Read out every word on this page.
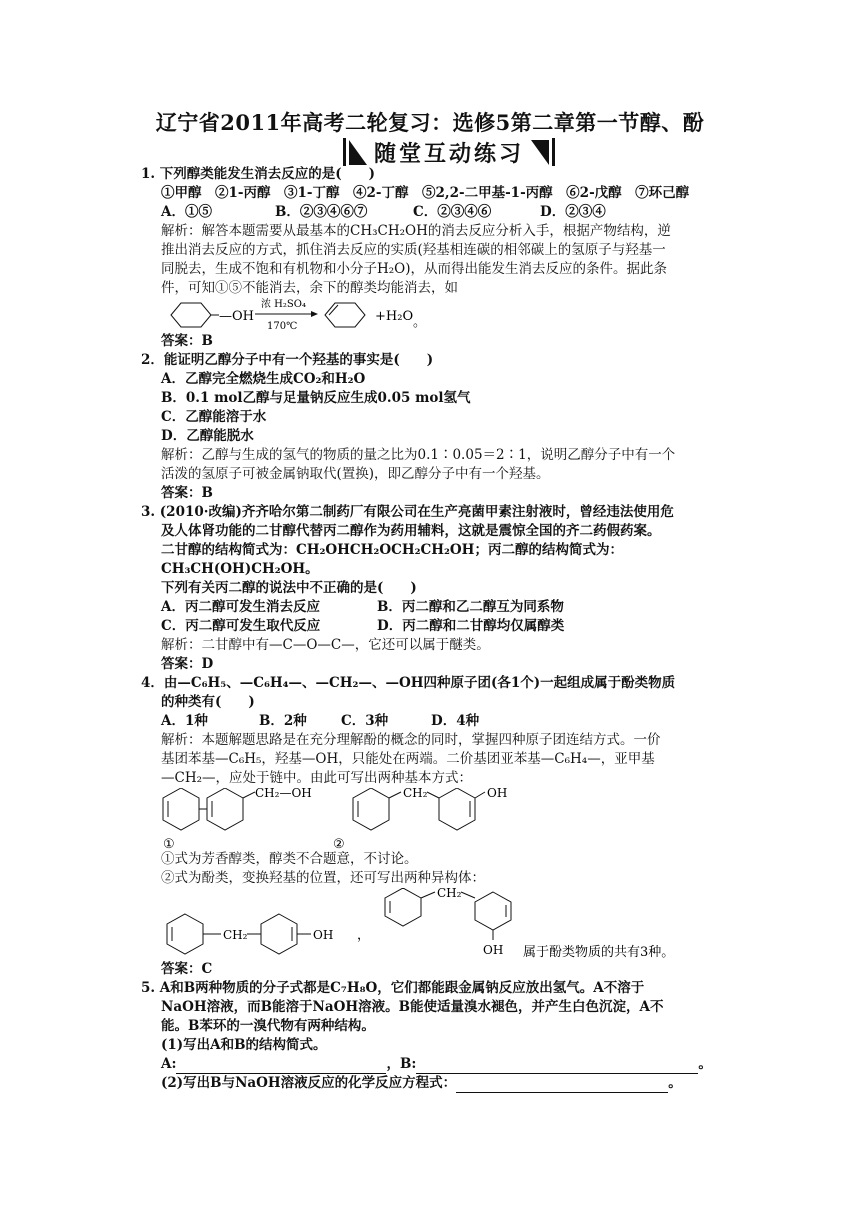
辽宁省2011年高考二轮复习：选修5第二章第一节醇、酚
随堂互动练习

1. 下列醇类能发生消去反应的是(　　)

①甲醇　②1-丙醇　③1-丁醇　④2-丁醇　⑤2,2-二甲基-1-丙醇　⑥2-戊醇　⑦环己醇

A．①⑤	B．②③④⑥⑦	C．②③④⑥	D．②③④

解析：解答本题需要从最基本的CH₃CH₂OH的消去反应分析入手，根据产物结构，逆

推出消去反应的方式，抓住消去反应的实质(羟基相连碳的相邻碳上的氢原子与羟基一

同脱去，生成不饱和有机物和小分子H₂O)，从而得出能发生消去反应的条件。据此条

件，可知①⑤不能消去，余下的醇类均能消去，如

—OH
浓 H₂SO₄
170℃
+H₂O 。

答案：B

2．能证明乙醇分子中有一个羟基的事实是(　　)

A．乙醇完全燃烧生成CO₂和H₂O

B．0.1 mol乙醇与足量钠反应生成0.05 mol氢气

C．乙醇能溶于水

D．乙醇能脱水

解析：乙醇与生成的氢气的物质的量之比为0.1∶0.05＝2∶1，说明乙醇分子中有一个

活泼的氢原子可被金属钠取代(置换)，即乙醇分子中有一个羟基。

答案：B

3. (2010·改编)齐齐哈尔第二制药厂有限公司在生产亮菌甲素注射液时，曾经违法使用危

及人体肾功能的二甘醇代替丙二醇作为药用辅料，这就是震惊全国的齐二药假药案。

二甘醇的结构简式为：CH₂OHCH₂OCH₂CH₂OH；丙二醇的结构简式为：

CH₃CH(OH)CH₂OH。

下列有关丙二醇的说法中不正确的是(　　)

A．丙二醇可发生消去反应	B．丙二醇和乙二醇互为同系物
C．丙二醇可发生取代反应	D．丙二醇和二甘醇均仅属醇类

解析：二甘醇中有—C—O—C—，它还可以属于醚类。

答案：D

4．由—C₆H₅、—C₆H₄—、—CH₂—、—OH四种原子团(各1个)一起组成属于酚类物质

的种类有(　　)

A．1种	B．2种	C．3种	D．4种

解析：本题解题思路是在充分理解酚的概念的同时，掌握四种原子团连结方式。一价

基团苯基—C₆H₅，羟基—OH，只能处在两端。二价基团亚苯基—C₆H₄—，亚甲基

—CH₂—，应处于链中。由此可写出两种基本方式：

CH₂—OH	CH₂	OH
①	②

①式为芳香醇类，醇类不合题意，不讨论。

②式为酚类，变换羟基的位置，还可写出两种异构体：

CH₂	OH ，
CH₂
OH 属于酚类物质的共有3种。

答案：C

5. A和B两种物质的分子式都是C₇H₈O，它们都能跟金属钠反应放出氢气。A不溶于

NaOH溶液，而B能溶于NaOH溶液。B能使适量溴水褪色，并产生白色沉淀，A不

能。B苯环的一溴代物有两种结构。

(1)写出A和B的结构简式。

A:	，B:	。

(2)写出B与NaOH溶液反应的化学反应方程式：	。
